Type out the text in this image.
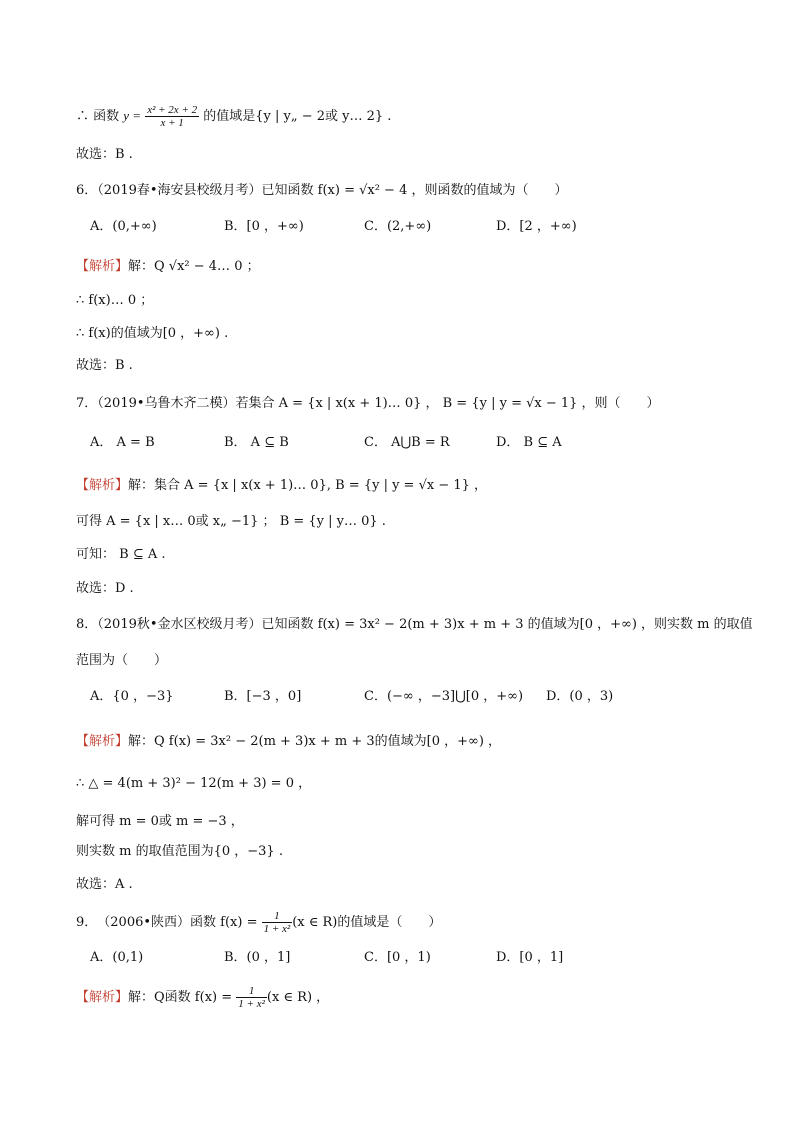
∴ 函数 $y = \frac{\text{x² + 2x + 2}}{x + 1}$ 的值域是{y | y„ − 2或 y… 2} .
故选：B .
6．（2019春•海安县校级月考）已知函数 f(x) = √x² − 4 ，则函数的值域为（　　）
A．(0,+∞)	B．[0 ，+∞)	C．(2,+∞)	D．[2 ，+∞)
【解析】解：Q √x² − 4… 0 ；
∴ f(x)… 0 ；
∴ f(x)的值域为[0 ，+∞) .
故选：B .
7．（2019•乌鲁木齐二模）若集合 A = {x | x(x + 1)… 0} ， B = {y | y = √x − 1} ，则（　　）
A． A = B	B． A ⊆ B	C． A⋃B = R	D． B ⊆ A
【解析】解：集合 A = {x | x(x + 1)… 0}, B = {y | y = √x − 1} ，
可得 A = {x | x… 0或 x„ −1} ； B = {y | y… 0} .
可知： B ⊆ A .
故选：D .
8．（2019秋•金水区校级月考）已知函数 f(x) = 3x² − 2(m + 3)x + m + 3 的值域为[0 ，+∞) ，则实数 m 的取值
范围为（　　）
A．{0 ，−3}	B．[−3 ，0]	C．(−∞ ，−3]⋃[0 ，+∞) D．(0 ，3)
【解析】解：Q f(x) = 3x² − 2(m + 3)x + m + 3的值域为[0 ，+∞) ，
∴ △ = 4(m + 3)² − 12(m + 3) = 0 ，
解可得 m = 0或 m = −3 ，
则实数 m 的取值范围为{0 ，−3} .
故选：A .
9．　（2006•陕西）函数 $f(x) = \frac{1}{\text{1 + x²}} (x$ ∈ R)的值域是（　　）
A．(0,1)	B．(0 ，1]	C．[0 ，1)	D．[0 ，1]
【解析】解：Q函数 $f(x) = \frac{1}{\text{1 + x²}} (x$ ∈ R) ，
